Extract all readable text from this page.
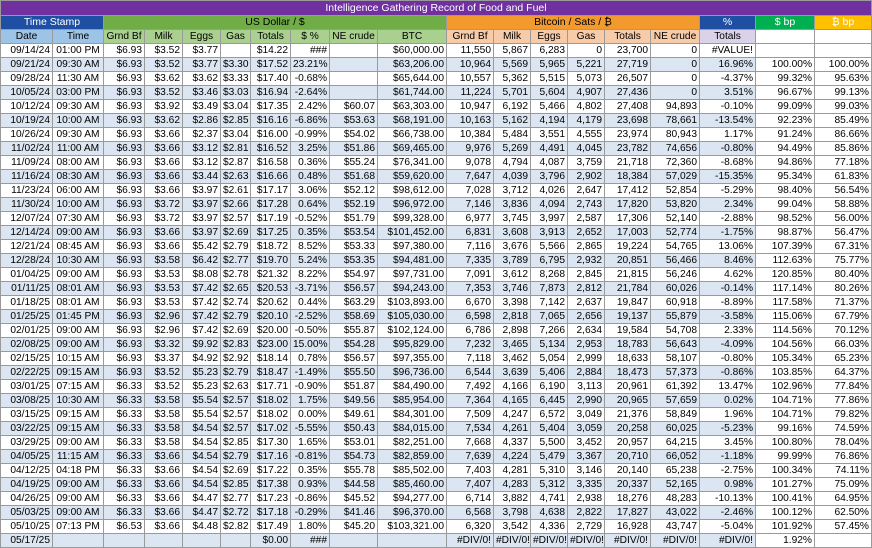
Intelligence Gathering Record of Food and Fuel																		
Time Stamp		US Dollar / $								Bitcoin / Sats / ₿						%	$ bp	₿ bp
Date	Time	Grnd Bf	Milk	Eggs	Gas	Totals	$ %	NE crude	BTC	Grnd Bf	Milk	Eggs	Gas	Totals	NE crude	Totals		
09/14/24	01:00 PM	$6.93	$3.52	$3.77		$14.22	###		$60,000.00	11,550	5,867	6,283	0	23,700	0	#VALUE!		
09/21/24	09:30 AM	$6.93	$3.52	$3.77	$3.30	$17.52	23.21%		$63,206.00	10,964	5,569	5,965	5,221	27,719	0	16.96%	100.00%	100.00%
09/28/24	11:30 AM	$6.93	$3.62	$3.62	$3.33	$17.40	-0.68%		$65,644.00	10,557	5,362	5,515	5,073	26,507	0	-4.37%	99.32%	95.63%
10/05/24	03:00 PM	$6.93	$3.52	$3.46	$3.03	$16.94	-2.64%		$61,744.00	11,224	5,701	5,604	4,907	27,436	0	3.51%	96.67%	99.13%
10/12/24	09:30 AM	$6.93	$3.92	$3.49	$3.04	$17.35	2.42%	$60.07	$63,303.00	10,947	6,192	5,466	4,802	27,408	94,893	-0.10%	99.09%	99.03%
10/19/24	10:00 AM	$6.93	$3.62	$2.86	$2.85	$16.16	-6.86%	$53.63	$68,191.00	10,163	5,162	4,194	4,179	23,698	78,661	-13.54%	92.23%	85.49%
10/26/24	09:30 AM	$6.93	$3.66	$2.37	$3.04	$16.00	-0.99%	$54.02	$66,738.00	10,384	5,484	3,551	4,555	23,974	80,943	1.17%	91.24%	86.66%
11/02/24	11:00 AM	$6.93	$3.66	$3.12	$2.81	$16.52	3.25%	$51.86	$69,465.00	9,976	5,269	4,491	4,045	23,782	74,656	-0.80%	94.49%	85.86%
11/09/24	08:00 AM	$6.93	$3.66	$3.12	$2.87	$16.58	0.36%	$55.24	$76,341.00	9,078	4,794	4,087	3,759	21,718	72,360	-8.68%	94.86%	77.18%
11/16/24	08:30 AM	$6.93	$3.66	$3.44	$2.63	$16.66	0.48%	$51.68	$59,620.00	7,647	4,039	3,796	2,902	18,384	57,029	-15.35%	95.34%	61.83%
11/23/24	06:00 AM	$6.93	$3.66	$3.97	$2.61	$17.17	3.06%	$52.12	$98,612.00	7,028	3,712	4,026	2,647	17,412	52,854	-5.29%	98.40%	56.54%
11/30/24	10:00 AM	$6.93	$3.72	$3.97	$2.66	$17.28	0.64%	$52.19	$96,972.00	7,146	3,836	4,094	2,743	17,820	53,820	2.34%	99.04%	58.88%
12/07/24	07:30 AM	$6.93	$3.72	$3.97	$2.57	$17.19	-0.52%	$51.79	$99,328.00	6,977	3,745	3,997	2,587	17,306	52,140	-2.88%	98.52%	56.00%
12/14/24	09:00 AM	$6.93	$3.66	$3.97	$2.69	$17.25	0.35%	$53.54	$101,452.00	6,831	3,608	3,913	2,652	17,003	52,774	-1.75%	98.87%	56.47%
12/21/24	08:45 AM	$6.93	$3.66	$5.42	$2.79	$18.72	8.52%	$53.33	$97,380.00	7,116	3,676	5,566	2,865	19,224	54,765	13.06%	107.39%	67.31%
12/28/24	10:30 AM	$6.93	$3.58	$6.42	$2.77	$19.70	5.24%	$53.35	$94,481.00	7,335	3,789	6,795	2,932	20,851	56,466	8.46%	112.63%	75.77%
01/04/25	09:00 AM	$6.93	$3.53	$8.08	$2.78	$21.32	8.22%	$54.97	$97,731.00	7,091	3,612	8,268	2,845	21,815	56,246	4.62%	120.85%	80.40%
01/11/25	08:01 AM	$6.93	$3.53	$7.42	$2.65	$20.53	-3.71%	$56.57	$94,243.00	7,353	3,746	7,873	2,812	21,784	60,026	-0.14%	117.14%	80.26%
01/18/25	08:01 AM	$6.93	$3.53	$7.42	$2.74	$20.62	0.44%	$63.29	$103,893.00	6,670	3,398	7,142	2,637	19,847	60,918	-8.89%	117.58%	71.37%
01/25/25	01:45 PM	$6.93	$2.96	$7.42	$2.79	$20.10	-2.52%	$58.69	$105,030.00	6,598	2,818	7,065	2,656	19,137	55,879	-3.58%	115.06%	67.79%
02/01/25	09:00 AM	$6.93	$2.96	$7.42	$2.69	$20.00	-0.50%	$55.87	$102,124.00	6,786	2,898	7,266	2,634	19,584	54,708	2.33%	114.56%	70.12%
02/08/25	09:00 AM	$6.93	$3.32	$9.92	$2.83	$23.00	15.00%	$54.28	$95,829.00	7,232	3,465	5,134	2,953	18,783	56,643	-4.09%	104.56%	66.03%
02/15/25	10:15 AM	$6.93	$3.37	$4.92	$2.92	$18.14	0.78%	$56.57	$97,355.00	7,118	3,462	5,054	2,999	18,633	58,107	-0.80%	105.34%	65.23%
02/22/25	09:15 AM	$6.93	$3.52	$5.23	$2.79	$18.47	-1.49%	$55.50	$96,736.00	6,544	3,639	5,406	2,884	18,473	57,373	-0.86%	103.85%	64.37%
03/01/25	07:15 AM	$6.33	$3.52	$5.23	$2.63	$17.71	-0.90%	$51.87	$84,490.00	7,492	4,166	6,190	3,113	20,961	61,392	13.47%	102.96%	77.84%
03/08/25	10:30 AM	$6.33	$3.58	$5.54	$2.57	$18.02	1.75%	$49.56	$85,954.00	7,364	4,165	6,445	2,990	20,965	57,659	0.02%	104.71%	77.86%
03/15/25	09:15 AM	$6.33	$3.58	$5.54	$2.57	$18.02	0.00%	$49.61	$84,301.00	7,509	4,247	6,572	3,049	21,376	58,849	1.96%	104.71%	79.82%
03/22/25	09:15 AM	$6.33	$3.58	$4.54	$2.57	$17.02	-5.55%	$50.43	$84,015.00	7,534	4,261	5,404	3,059	20,258	60,025	-5.23%	99.16%	74.59%
03/29/25	09:00 AM	$6.33	$3.58	$4.54	$2.85	$17.30	1.65%	$53.01	$82,251.00	7,668	4,337	5,500	3,452	20,957	64,215	3.45%	100.80%	78.04%
04/05/25	11:15 AM	$6.33	$3.66	$4.54	$2.79	$17.16	-0.81%	$54.73	$82,859.00	7,639	4,224	5,479	3,367	20,710	66,052	-1.18%	99.99%	76.86%
04/12/25	04:18 PM	$6.33	$3.66	$4.54	$2.69	$17.22	0.35%	$55.78	$85,502.00	7,403	4,281	5,310	3,146	20,140	65,238	-2.75%	100.34%	74.11%
04/19/25	09:00 AM	$6.33	$3.66	$4.54	$2.85	$17.38	0.93%	$44.58	$85,460.00	7,407	4,283	5,312	3,335	20,337	52,165	0.98%	101.27%	75.09%
04/26/25	09:00 AM	$6.33	$3.66	$4.47	$2.77	$17.23	-0.86%	$45.52	$94,277.00	6,714	3,882	4,741	2,938	18,276	48,283	-10.13%	100.41%	64.95%
05/03/25	09:00 AM	$6.33	$3.66	$4.47	$2.72	$17.18	-0.29%	$41.46	$96,370.00	6,568	3,798	4,638	2,822	17,827	43,022	-2.46%	100.12%	62.50%
05/10/25	07:13 PM	$6.53	$3.66	$4.48	$2.82	$17.49	1.80%	$45.20	$103,321.00	6,320	3,542	4,336	2,729	16,928	43,747	-5.04%	101.92%	57.45%
05/17/25						$0.00	###			#DIV/0!	#DIV/0!	#DIV/0!	#DIV/0!	#DIV/0!	#DIV/0!	#DIV/0!	1.92%	
